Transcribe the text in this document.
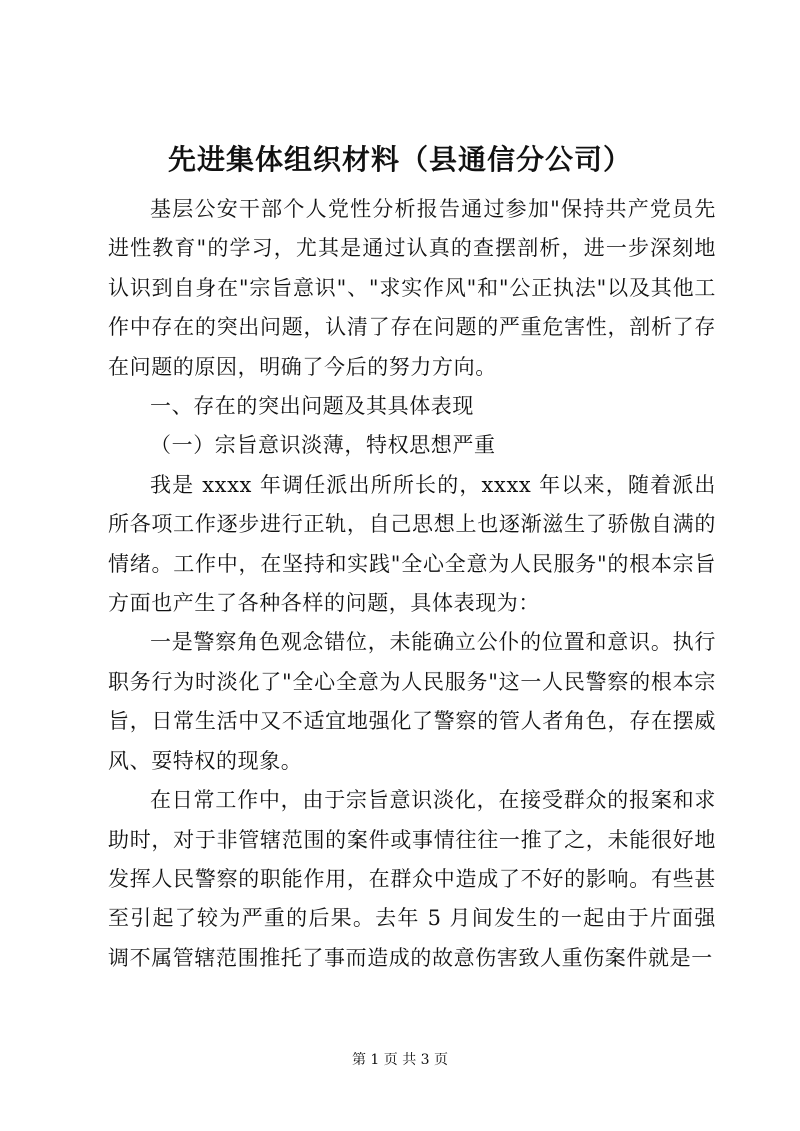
先进集体组织材料（县通信分公司）

基层公安干部个人党性分析报告通过参加"保持共产党员先进性教育"的学习，尤其是通过认真的查摆剖析，进一步深刻地认识到自身在"宗旨意识"、"求实作风"和"公正执法"以及其他工作中存在的突出问题，认清了存在问题的严重危害性，剖析了存在问题的原因，明确了今后的努力方向。

一、存在的突出问题及其具体表现

（一）宗旨意识淡薄，特权思想严重

我是 xxxx 年调任派出所所长的，xxxx 年以来，随着派出所各项工作逐步进行正轨，自己思想上也逐渐滋生了骄傲自满的情绪。工作中，在坚持和实践"全心全意为人民服务"的根本宗旨方面也产生了各种各样的问题，具体表现为：

一是警察角色观念错位，未能确立公仆的位置和意识。执行职务行为时淡化了"全心全意为人民服务"这一人民警察的根本宗旨，日常生活中又不适宜地强化了警察的管人者角色，存在摆威风、耍特权的现象。

在日常工作中，由于宗旨意识淡化，在接受群众的报案和求助时，对于非管辖范围的案件或事情往往一推了之，未能很好地发挥人民警察的职能作用，在群众中造成了不好的影响。有些甚至引起了较为严重的后果。去年 5 月间发生的一起由于片面强调不属管辖范围推托了事而造成的故意伤害致人重伤案件就是一

第 1 页 共 3 页
